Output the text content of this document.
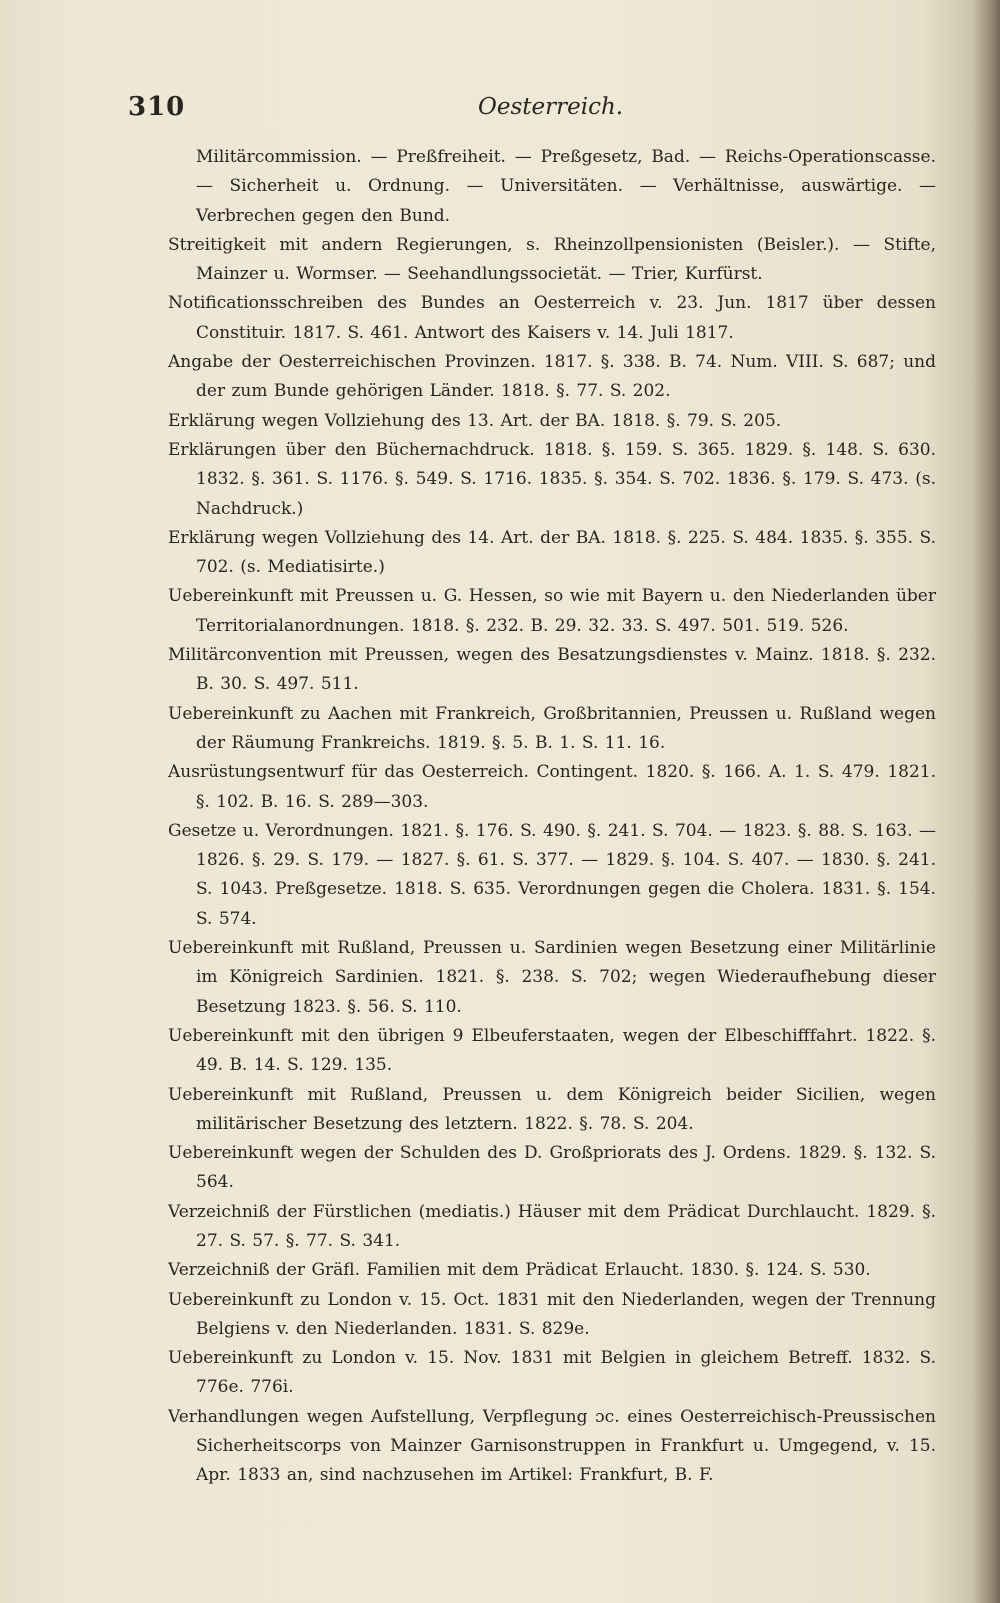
310	Oesterreich.
Militärcommission. — Preßfreiheit. — Preßgesetz, Bad. — Reichs-Operationscasse. — Sicherheit u. Ordnung. — Universitäten. — Verhältnisse, auswärtige. — Verbrechen gegen den Bund.
Streitigkeit mit andern Regierungen, s. Rheinzollpensionisten (Beisler.). — Stifte, Mainzer u. Wormser. — Seehandlungssocietät. — Trier, Kurfürst.
Notificationsschreiben des Bundes an Oesterreich v. 23. Jun. 1817 über dessen Constituir. 1817. S. 461. Antwort des Kaisers v. 14. Juli 1817.
Angabe der Oesterreichischen Provinzen. 1817. §. 338. B. 74. Num. VIII. S. 687; und der zum Bunde gehörigen Länder. 1818. §. 77. S. 202.
Erklärung wegen Vollziehung des 13. Art. der BA. 1818. §. 79. S. 205.
Erklärungen über den Büchernachdruck. 1818. §. 159. S. 365. 1829. §. 148. S. 630. 1832. §. 361. S. 1176. §. 549. S. 1716. 1835. §. 354. S. 702. 1836. §. 179. S. 473. (s. Nachdruck.)
Erklärung wegen Vollziehung des 14. Art. der BA. 1818. §. 225. S. 484. 1835. §. 355. S. 702. (s. Mediatisirte.)
Uebereinkunft mit Preussen u. G. Hessen, so wie mit Bayern u. den Niederlanden über Territorialanordnungen. 1818. §. 232. B. 29. 32. 33. S. 497. 501. 519. 526.
Militärconvention mit Preussen, wegen des Besatzungsdienstes v. Mainz. 1818. §. 232. B. 30. S. 497. 511.
Uebereinkunft zu Aachen mit Frankreich, Großbritannien, Preussen u. Rußland wegen der Räumung Frankreichs. 1819. §. 5. B. 1. S. 11. 16.
Ausrüstungsentwurf für das Oesterreich. Contingent. 1820. §. 166. A. 1. S. 479. 1821. §. 102. B. 16. S. 289—303.
Gesetze u. Verordnungen. 1821. §. 176. S. 490. §. 241. S. 704. — 1823. §. 88. S. 163. — 1826. §. 29. S. 179. — 1827. §. 61. S. 377. — 1829. §. 104. S. 407. — 1830. §. 241. S. 1043. Preßgesetze. 1818. S. 635. Verordnungen gegen die Cholera. 1831. §. 154. S. 574.
Uebereinkunft mit Rußland, Preussen u. Sardinien wegen Besetzung einer Militärlinie im Königreich Sardinien. 1821. §. 238. S. 702; wegen Wiederaufhebung dieser Besetzung 1823. §. 56. S. 110.
Uebereinkunft mit den übrigen 9 Elbeuferstaaten, wegen der Elbeschifffahrt. 1822. §. 49. B. 14. S. 129. 135.
Uebereinkunft mit Rußland, Preussen u. dem Königreich beider Sicilien, wegen militärischer Besetzung des letztern. 1822. §. 78. S. 204.
Uebereinkunft wegen der Schulden des D. Großpriorats des J. Ordens. 1829. §. 132. S. 564.
Verzeichniß der Fürstlichen (mediatis.) Häuser mit dem Prädicat Durchlaucht. 1829. §. 27. S. 57. §. 77. S. 341.
Verzeichniß der Gräfl. Familien mit dem Prädicat Erlaucht. 1830. §. 124. S. 530.
Uebereinkunft zu London v. 15. Oct. 1831 mit den Niederlanden, wegen der Trennung Belgiens v. den Niederlanden. 1831. S. 829e.
Uebereinkunft zu London v. 15. Nov. 1831 mit Belgien in gleichem Betreff. 1832. S. 776e. 776i.
Verhandlungen wegen Aufstellung, Verpflegung ɔc. eines Oesterreichisch-Preussischen Sicherheitscorps von Mainzer Garnisonstruppen in Frankfurt u. Umgegend, v. 15. Apr. 1833 an, sind nachzusehen im Artikel: Frankfurt, B. F.
